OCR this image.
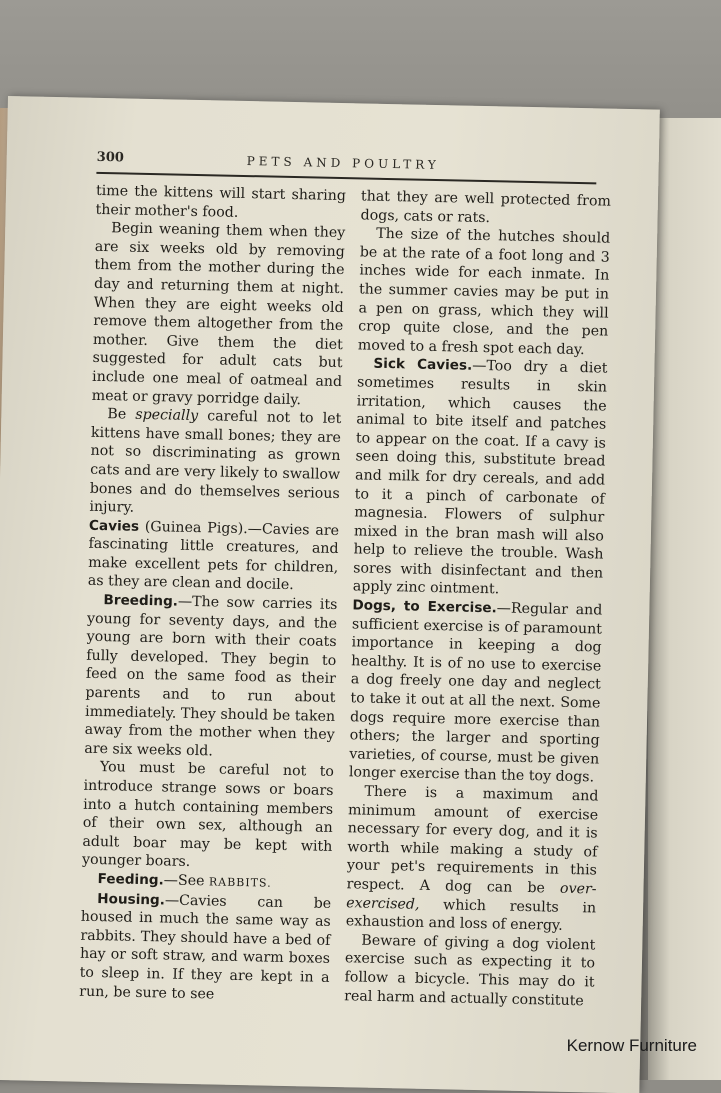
300	PETS AND POULTRY

time the kittens will start sharing their mother's food.

Begin weaning them when they are six weeks old by removing them from the mother during the day and returning them at night. When they are eight weeks old remove them altogether from the mother. Give them the diet suggested for adult cats but include one meal of oatmeal and meat or gravy porridge daily.

Be specially careful not to let kittens have small bones; they are not so discriminating as grown cats and are very likely to swallow bones and do themselves serious injury.

Cavies (Guinea Pigs).—Cavies are fascinating little creatures, and make excellent pets for children, as they are clean and docile.

Breeding.—The sow carries its young for seventy days, and the young are born with their coats fully developed. They begin to feed on the same food as their parents and to run about immediately. They should be taken away from the mother when they are six weeks old.

You must be careful not to introduce strange sows or boars into a hutch containing members of their own sex, although an adult boar may be kept with younger boars.

Feeding.—See RABBITS.

Housing.—Cavies can be housed in much the same way as rabbits. They should have a bed of hay or soft straw, and warm boxes to sleep in. If they are kept in a run, be sure to see

that they are well protected from dogs, cats or rats.

The size of the hutches should be at the rate of a foot long and 3 inches wide for each inmate. In the summer cavies may be put in a pen on grass, which they will crop quite close, and the pen moved to a fresh spot each day.

Sick Cavies.—Too dry a diet sometimes results in skin irritation, which causes the animal to bite itself and patches to appear on the coat. If a cavy is seen doing this, substitute bread and milk for dry cereals, and add to it a pinch of carbonate of magnesia. Flowers of sulphur mixed in the bran mash will also help to relieve the trouble. Wash sores with disinfectant and then apply zinc ointment.

Dogs, to Exercise.—Regular and sufficient exercise is of paramount importance in keeping a dog healthy. It is of no use to exercise a dog freely one day and neglect to take it out at all the next. Some dogs require more exercise than others; the larger and sporting varieties, of course, must be given longer exercise than the toy dogs.

There is a maximum and minimum amount of exercise necessary for every dog, and it is worth while making a study of your pet's requirements in this respect. A dog can be over-exercised, which results in exhaustion and loss of energy.

Beware of giving a dog violent exercise such as expecting it to follow a bicycle. This may do it real harm and actually constitute

Kernow Furniture
